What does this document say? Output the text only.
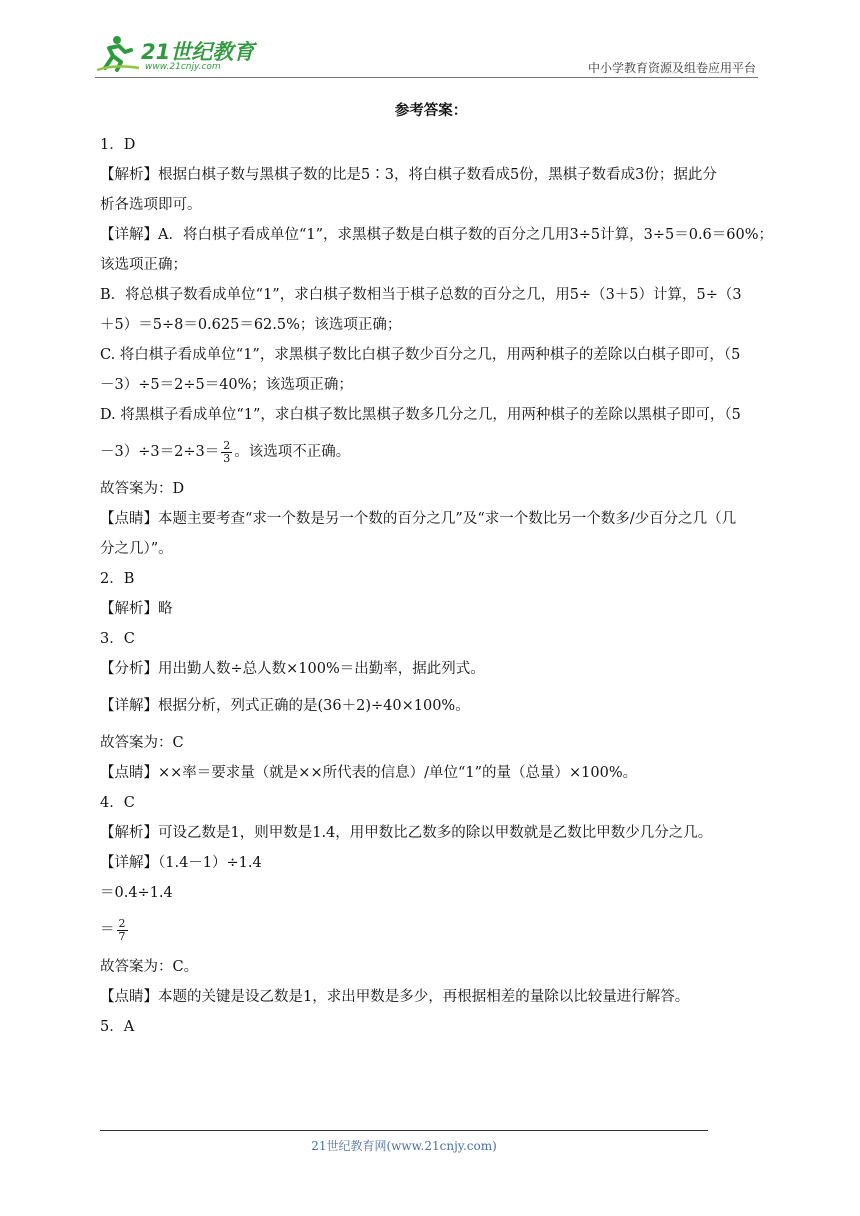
21世纪教育
www.21cnjy.com	中小学教育资源及组卷应用平台
参考答案：
1．D
【解析】根据白棋子数与黑棋子数的比是5∶3，将白棋子数看成5份，黑棋子数看成3份；据此分
析各选项即可。
【详解】A．将白棋子看成单位“1”，求黑棋子数是白棋子数的百分之几用3÷5计算，3÷5＝0.6＝60%；
该选项正确；
B．将总棋子数看成单位“1”，求白棋子数相当于棋子总数的百分之几，用5÷（3＋5）计算，5÷（3
＋5）＝5÷8＝0.625＝62.5%；该选项正确；
C. 将白棋子看成单位“1”，求黑棋子数比白棋子数少百分之几，用两种棋子的差除以白棋子即可，（5
－3）÷5＝2÷5＝40%；该选项正确；
D. 将黑棋子看成单位“1”，求白棋子数比黑棋子数多几分之几，用两种棋子的差除以黑棋子即可，（5
$-3)\div 3=2\div 3= \frac{2}{3}$ 。该选项不正确。
故答案为：D
【点睛】本题主要考查“求一个数是另一个数的百分之几”及“求一个数比另一个数多/少百分之几（几
分之几）”。
2．B
【解析】略
3．C
【分析】用出勤人数÷总人数×100%＝出勤率，据此列式。
【详解】根据分析，列式正确的是(36＋2)÷40×100%。
故答案为：C
【点睛】××率＝要求量（就是××所代表的信息）/单位“1”的量（总量）×100%。
4．C
【解析】可设乙数是1，则甲数是1.4，用甲数比乙数多的除以甲数就是乙数比甲数少几分之几。
【详解】（1.4－1）÷1.4
＝0.4÷1.4
＝ $\frac{2}{7}$
故答案为：C。
【点睛】本题的关键是设乙数是1，求出甲数是多少，再根据相差的量除以比较量进行解答。
5．A
21世纪教育网(www.21cnjy.com)
